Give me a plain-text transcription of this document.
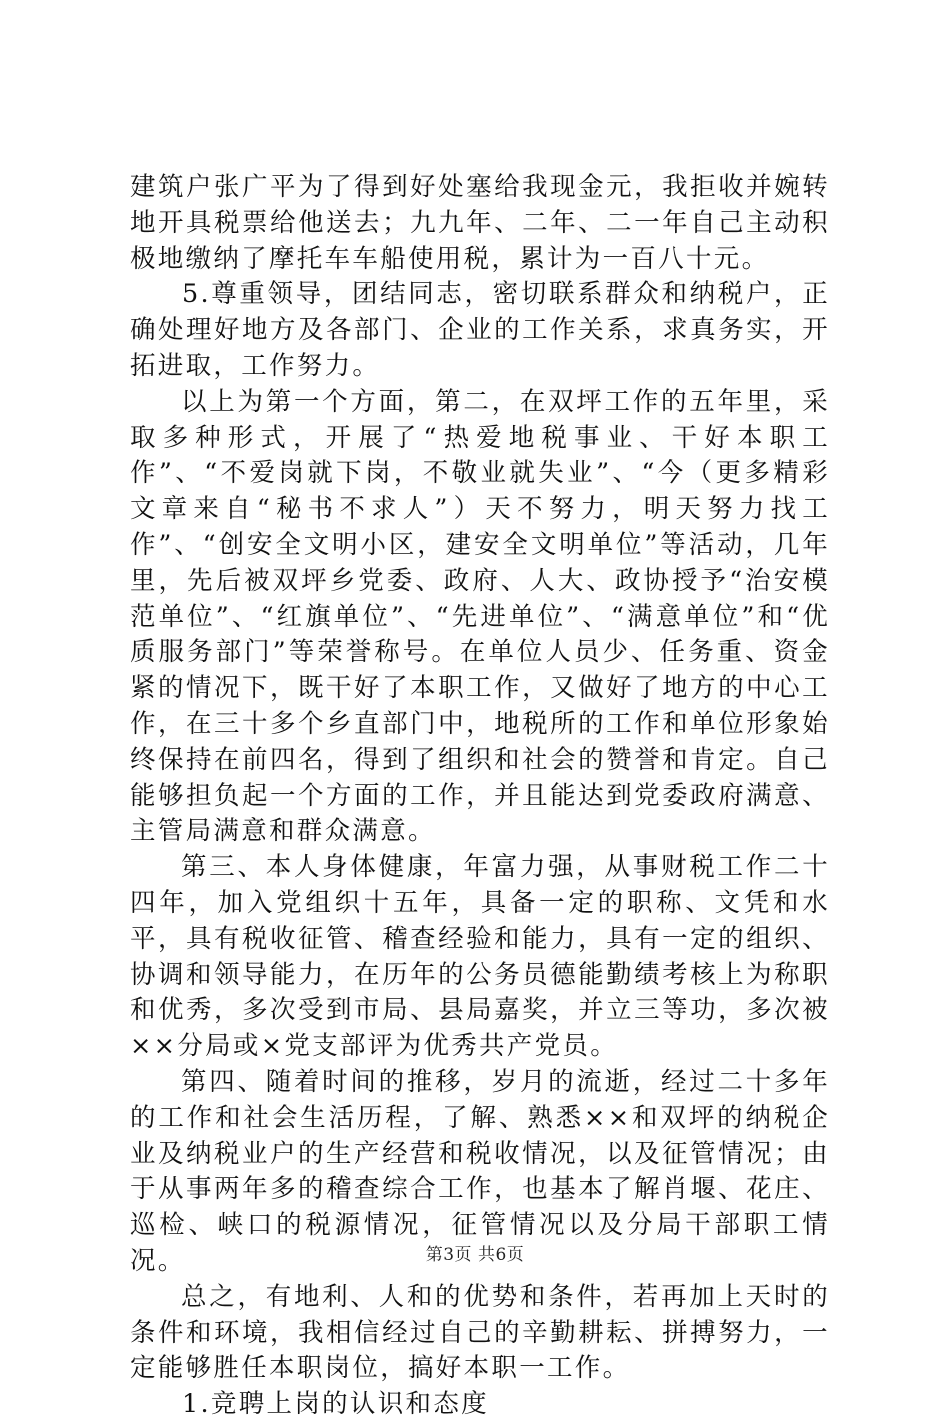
建筑户张广平为了得到好处塞给我现金元，我拒收并婉转地开具税票给他送去；九九年、二年、二一年自己主动积极地缴纳了摩托车车船使用税，累计为一百八十元。

5.尊重领导，团结同志，密切联系群众和纳税户，正确处理好地方及各部门、企业的工作关系，求真务实，开拓进取，工作努力。

以上为第一个方面，第二，在双坪工作的五年里，采取多种形式，开展了“热爱地税事业、干好本职工作”、“不爱岗就下岗，不敬业就失业”、“今（更多精彩文章来自“秘书不求人”）天不努力，明天努力找工作”、“创安全文明小区，建安全文明单位”等活动，几年里，先后被双坪乡党委、政府、人大、政协授予“治安模范单位”、“红旗单位”、“先进单位”、“满意单位”和“优质服务部门”等荣誉称号。在单位人员少、任务重、资金紧的情况下，既干好了本职工作，又做好了地方的中心工作，在三十多个乡直部门中，地税所的工作和单位形象始终保持在前四名，得到了组织和社会的赞誉和肯定。自己能够担负起一个方面的工作，并且能达到党委政府满意、主管局满意和群众满意。

第三、本人身体健康，年富力强，从事财税工作二十四年，加入党组织十五年，具备一定的职称、文凭和水平，具有税收征管、稽查经验和能力，具有一定的组织、协调和领导能力，在历年的公务员德能勤绩考核上为称职和优秀，多次受到市局、县局嘉奖，并立三等功，多次被××分局或×党支部评为优秀共产党员。

第四、随着时间的推移，岁月的流逝，经过二十多年的工作和社会生活历程，了解、熟悉××和双坪的纳税企业及纳税业户的生产经营和税收情况，以及征管情况；由于从事两年多的稽查综合工作，也基本了解肖堰、花庄、巡检、峡口的税源情况，征管情况以及分局干部职工情况。

总之，有地利、人和的优势和条件，若再加上天时的条件和环境，我相信经过自己的辛勤耕耘、拼搏努力，一定能够胜任本职岗位，搞好本职一工作。

1.竞聘上岗的认识和态度

第3页 共6页
